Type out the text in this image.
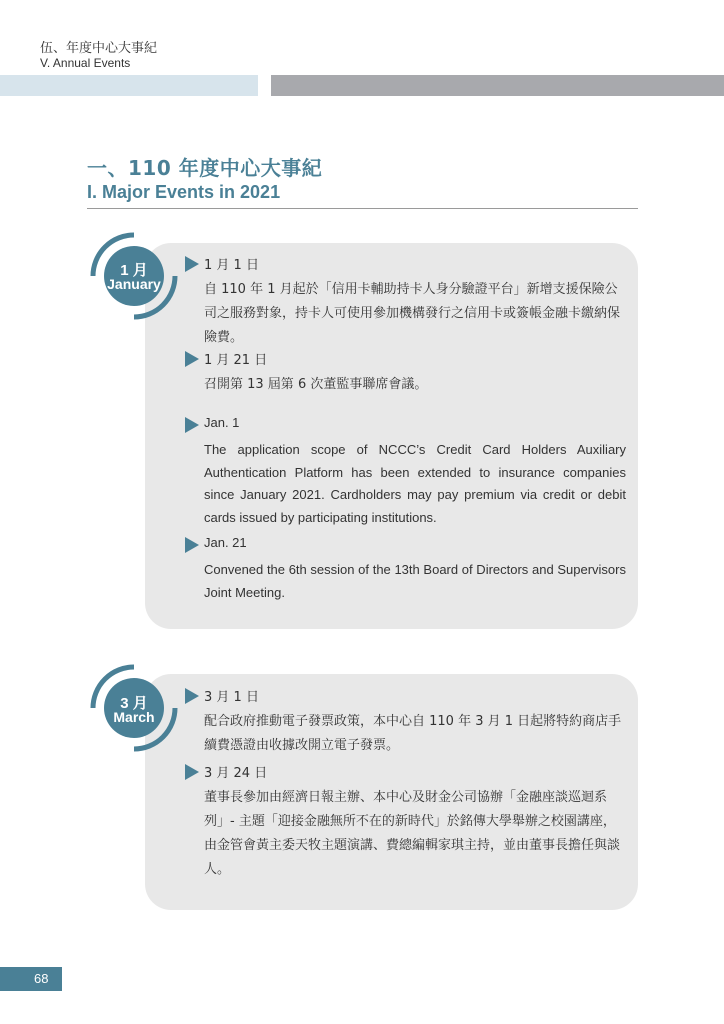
伍、年度中心大事紀
V. Annual Events
一、110 年度中心大事紀
I. Major Events in 2021
1 月
January
1 月 1 日
自 110 年 1 月起於「信用卡輔助持卡人身分驗證平台」新增支援保險公司之服務對象，持卡人可使用參加機構發行之信用卡或簽帳金融卡繳納保險費。
1 月 21 日
召開第 13 屆第 6 次董監事聯席會議。
Jan. 1
The application scope of NCCC’s Credit Card Holders Auxiliary Authentication Platform has been extended to insurance companies since January 2021. Cardholders may pay premium via credit or debit cards issued by participating institutions.
Jan. 21
Convened the 6th session of the 13th Board of Directors and Supervisors Joint Meeting.
3 月
March
3 月 1 日
配合政府推動電子發票政策，本中心自 110 年 3 月 1 日起將特約商店手續費憑證由收據改開立電子發票。
3 月 24 日
董事長參加由經濟日報主辦、本中心及財金公司協辦「金融座談巡迴系列」- 主題「迎接金融無所不在的新時代」於銘傳大學舉辦之校園講座，由金管會黃主委天牧主題演講、費總編輯家琪主持，並由董事長擔任與談人。
68
